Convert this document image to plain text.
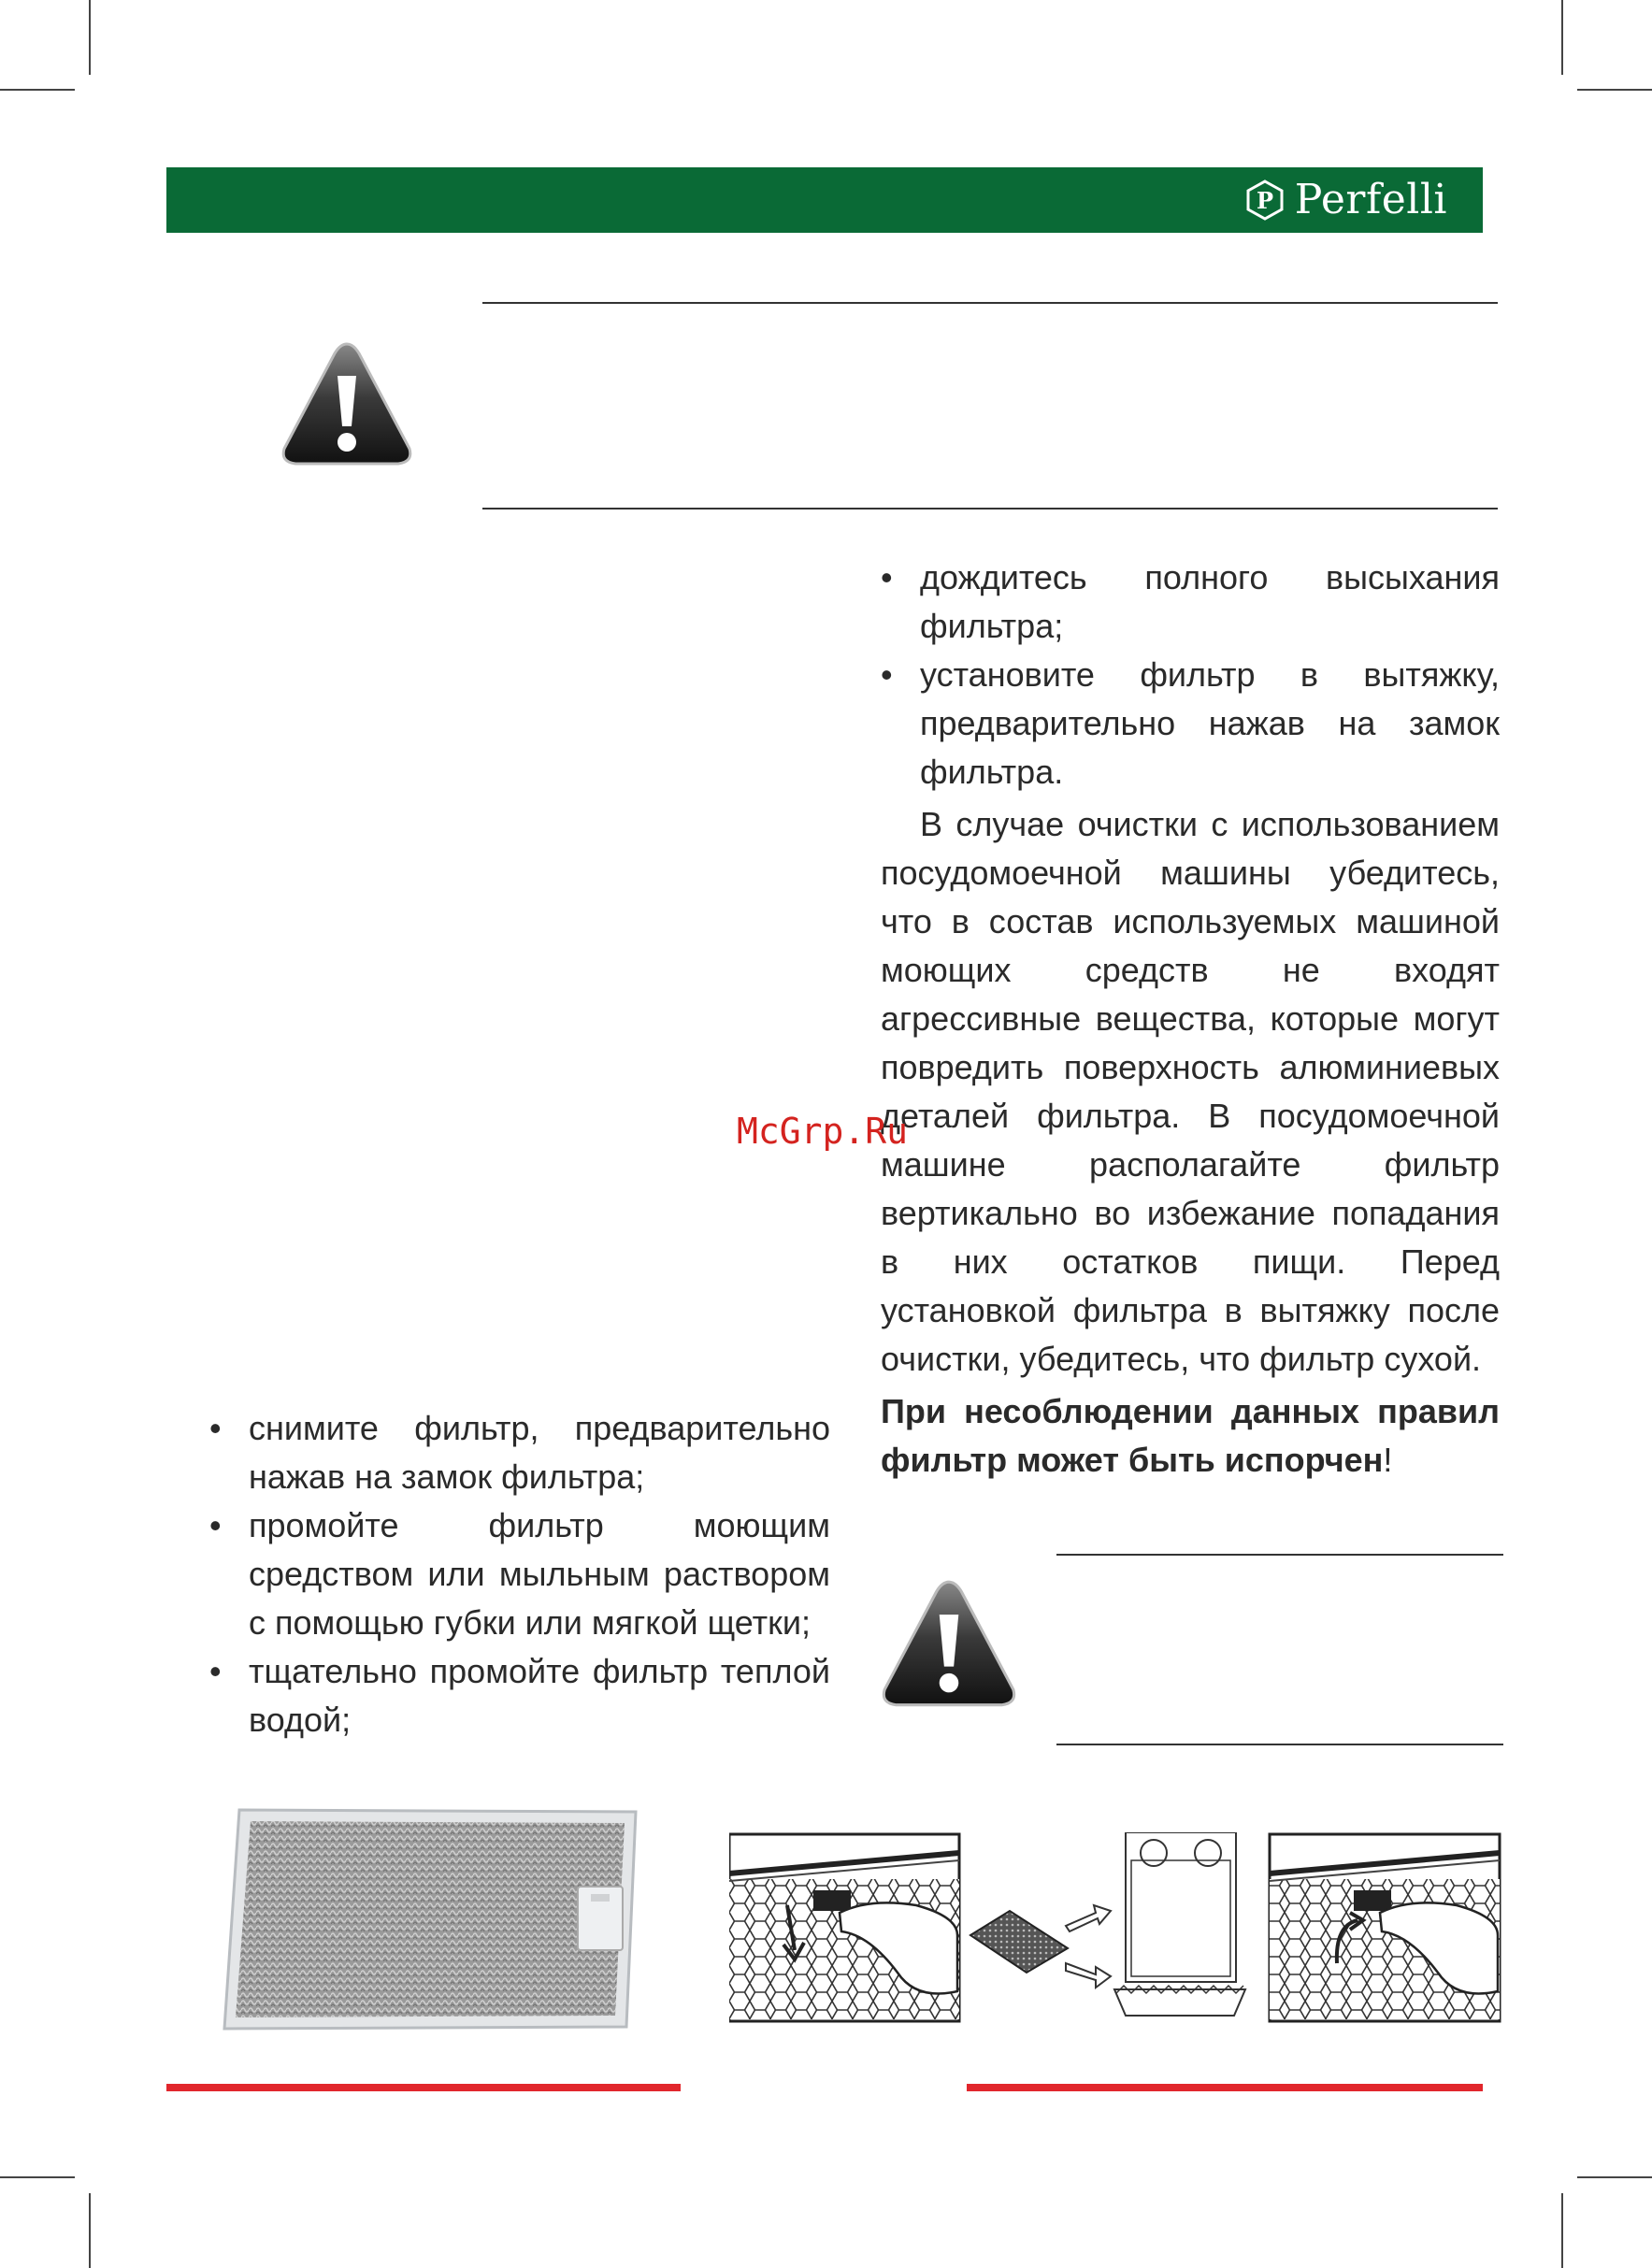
P Perfelli
• дождитесь полного высыхания фильтра;
• установите фильтр в вытяжку, предварительно нажав на замок фильтра.

В случае очистки с использованием посудомоечной машины убедитесь, что в состав используемых машиной моющих средств не входят агрессивные вещества, которые могут повредить поверхность алюминиевых деталей фильтра. В посудомоечной машине располагайте фильтр вертикально во избежание попадания в них остатков пищи. Перед установкой фильтра в вытяжку после очистки, убедитесь, что фильтр сухой.

При несоблюдении данных правил фильтр может быть испорчен!

McGrp.Ru
• снимите фильтр, предварительно нажав на замок фильтра;
• промойте фильтр моющим средством или мыльным раствором с помощью губки или мягкой щетки;
• тщательно промойте фильтр теплой водой;
